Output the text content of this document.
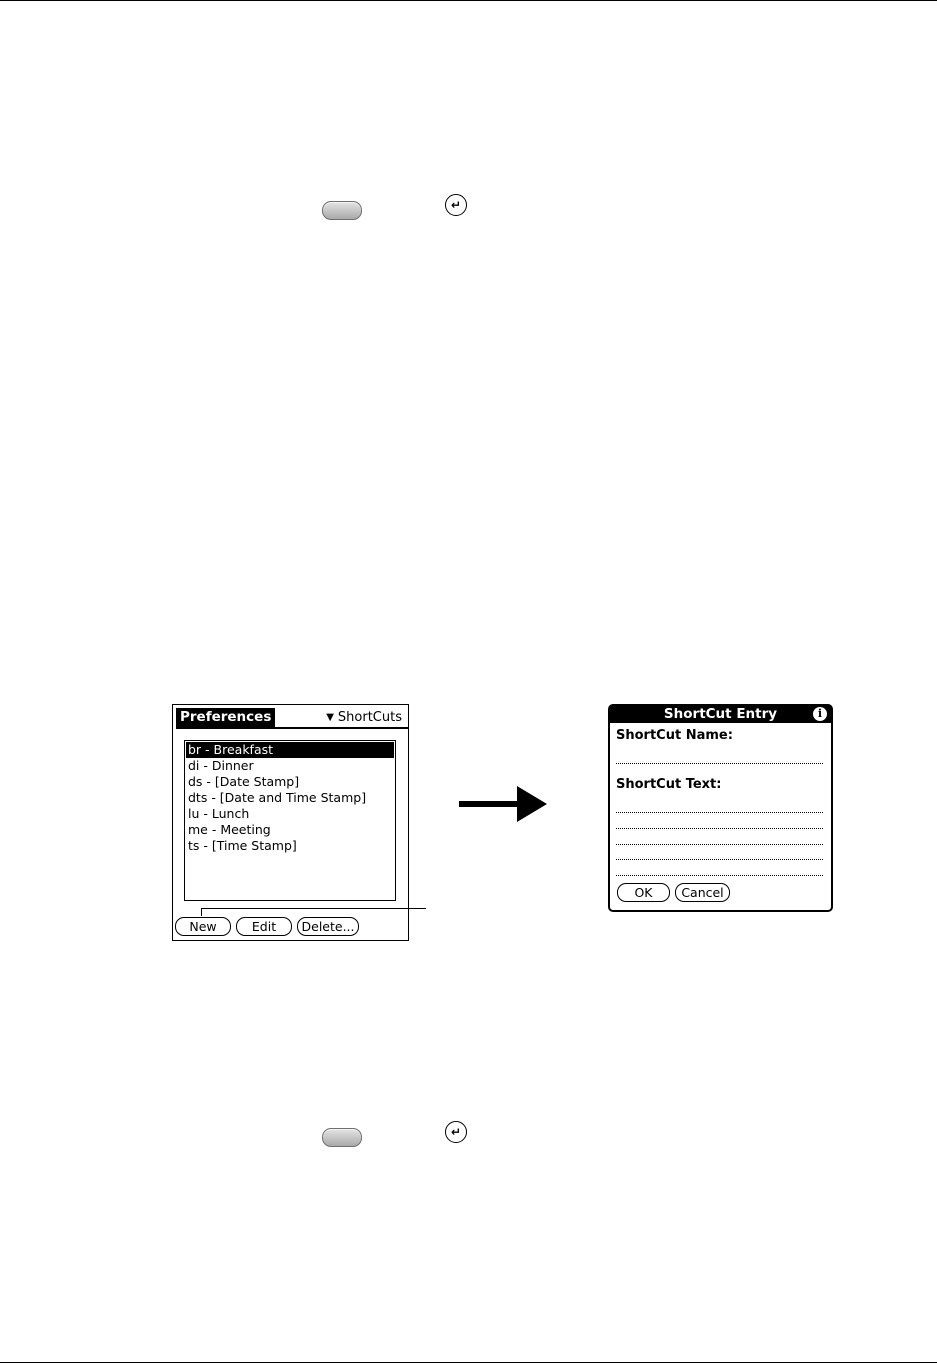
↵
Preferences	▼ ShortCuts
br - Breakfast
di - Dinner
ds - [Date Stamp]
dts - [Date and Time Stamp]
lu - Lunch
me - Meeting
ts - [Time Stamp]
New	Edit	Delete...
ShortCut Entry	i
ShortCut Name:
ShortCut Text:
OK	Cancel
↵
